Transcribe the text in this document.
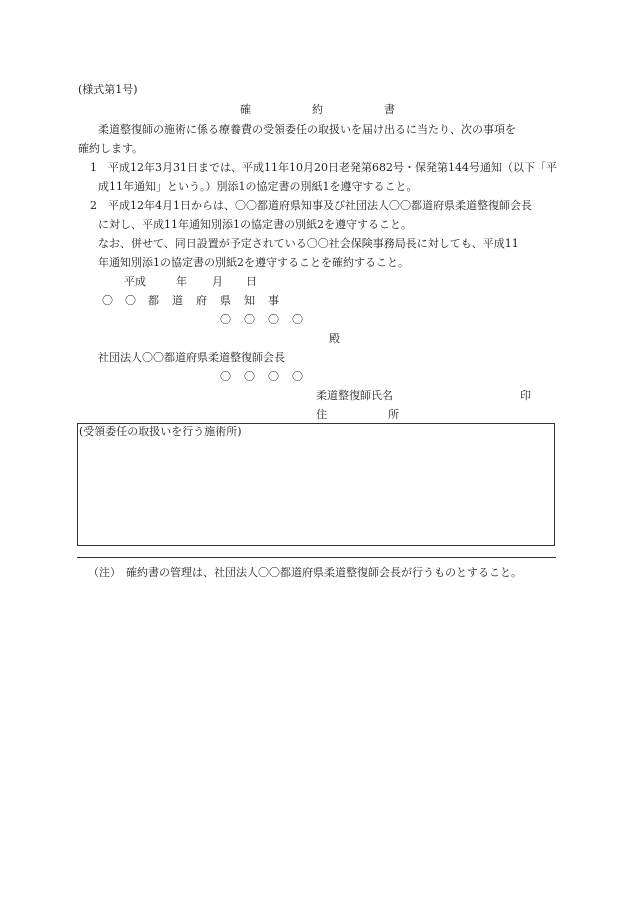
(様式第1号)
確	約	書
柔道整復師の施術に係る療養費の受領委任の取扱いを届け出るに当たり、次の事項を
確約します。
1　平成12年3月31日までは、平成11年10月20日老発第682号・保発第144号通知（以下「平
成11年通知」という。）別添1の協定書の別紙1を遵守すること。
2　平成12年4月1日からは、〇〇都道府県知事及び社団法人〇〇都道府県柔道整復師会長
に対し、平成11年通知別添1の協定書の別紙2を遵守すること。
なお、併せて、同日設置が予定されている〇〇社会保険事務局長に対しても、平成11
年通知別添1の協定書の別紙2を遵守することを確約すること。
平成	年 月 日
〇 〇 都 道 府 県 知 事
〇 〇 〇 〇
殿
社団法人〇〇都道府県柔道整復師会長
〇 〇 〇 〇
柔道整復師氏名	印
住	所
(受領委任の取扱いを行う施術所)
（注） 確約書の管理は、社団法人〇〇都道府県柔道整復師会長が行うものとすること。
